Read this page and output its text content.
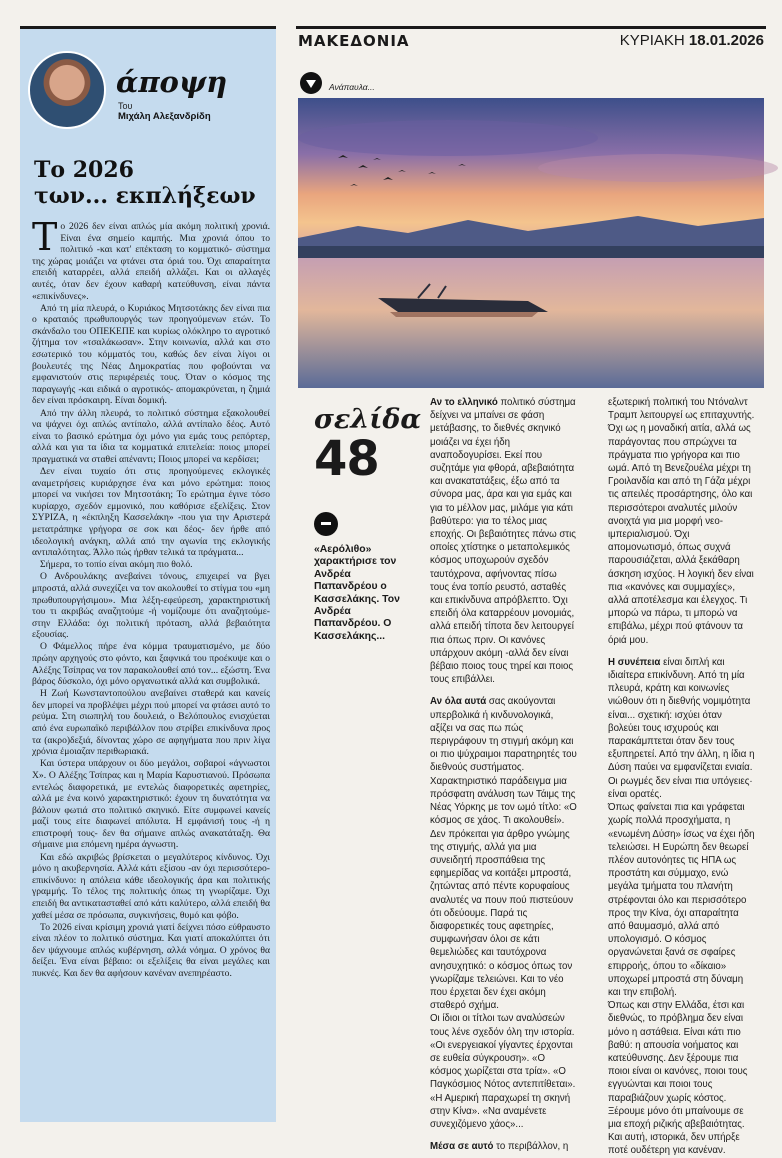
άποψη
Του
Μιχάλη Αλεξανδρίδη
Το 2026
των... εκπλήξεων

Το 2026 δεν είναι απλώς μία ακόμη πολιτική χρονιά. Είναι ένα σημείο καμπής. Μια χρονιά όπου το πολιτικό -και κατ' επέκταση το κομματικό- σύστημα της χώρας μοιάζει να φτάνει στα όριά του. Όχι απαραίτητα επειδή καταρρέει, αλλά επειδή αλλάζει. Και οι αλλαγές αυτές, όταν δεν έχουν καθαρή κατεύθυνση, είναι πάντα «επικίνδυνες».

Από τη μία πλευρά, ο Κυριάκος Μητσοτάκης δεν είναι πια ο κραταιός πρωθυπουργός των προηγούμενων ετών. Το σκάνδαλο του ΟΠΕΚΕΠΕ και κυρίως ολόκληρο το αγροτικό ζήτημα τον «τσαλάκωσαν». Στην κοινωνία, αλλά και στο εσωτερικό του κόμματός του, καθώς δεν είναι λίγοι οι βουλευτές της Νέας Δημοκρατίας που φοβούνται να εμφανιστούν στις περιφέρειές τους. Όταν ο κόσμος της παραγωγής -και ειδικά ο αγροτικός- απομακρύνεται, η ζημιά δεν είναι πρόσκαιρη. Είναι δομική.

Από την άλλη πλευρά, το πολιτικό σύστημα εξακολουθεί να ψάχνει όχι απλώς αντίπαλο, αλλά αντίπαλο δέος. Αυτό είναι το βασικό ερώτημα όχι μόνο για εμάς τους ρεπόρτερ, αλλά και για τα ίδια τα κομματικά επιτελεία: ποιος μπορεί πραγματικά να σταθεί απέναντι; Ποιος μπορεί να κερδίσει;

Δεν είναι τυχαίο ότι στις προηγούμενες εκλογικές αναμετρήσεις κυριάρχησε ένα και μόνο ερώτημα: ποιος μπορεί να νικήσει τον Μητσοτάκη; Το ερώτημα έγινε τόσο κυρίαρχο, σχεδόν εμμονικό, που καθόρισε εξελίξεις. Στον ΣΥΡΙΖΑ, η «έκπληξη Κασσελάκη» -που για την Αριστερά μετατράπηκε γρήγορα σε σοκ και δέος- δεν ήρθε από ιδεολογική ανάγκη, αλλά από την αγωνία της εκλογικής αντιπαλότητας. Άλλο πώς ήρθαν τελικά τα πράγματα...

Σήμερα, το τοπίο είναι ακόμη πιο θολό.

Ο Ανδρουλάκης ανεβαίνει τόνους, επιχειρεί να βγει μπροστά, αλλά συνεχίζει να τον ακολουθεί το στίγμα του «μη πρωθυπουργήσιμου». Μια λέξη-εφεύρεση, χαρακτηριστική του τι ακριβώς αναζητούμε -ή νομίζουμε ότι αναζητούμε- στην Ελλάδα: όχι πολιτική πρόταση, αλλά βεβαιότητα εξουσίας.

Ο Φάμελλος πήρε ένα κόμμα τραυματισμένο, με δύο πρώην αρχηγούς στο φόντο, και ξαφνικά του προέκυψε και ο Αλέξης Τσίπρας να τον παρακολουθεί από τον... εξώστη. Ένα βάρος δύσκολο, όχι μόνο οργανωτικά αλλά και συμβολικά.

Η Ζωή Κωνσταντοπούλου ανεβαίνει σταθερά και κανείς δεν μπορεί να προβλέψει μέχρι πού μπορεί να φτάσει αυτό το ρεύμα. Στη σιωπηλή του δουλειά, ο Βελόπουλος ενισχύεται από ένα ευρωπαϊκό περιβάλλον που στρίβει επικίνδυνα προς τα (ακρο)δεξιά, δίνοντας χώρο σε αφηγήματα που πριν λίγα χρόνια έμοιαζαν περιθωριακά.

Και ύστερα υπάρχουν οι δύο μεγάλοι, σοβαροί «άγνωστοι Χ». Ο Αλέξης Τσίπρας και η Μαρία Καρυστιανού. Πρόσωπα εντελώς διαφορετικά, με εντελώς διαφορετικές αφετηρίες, αλλά με ένα κοινό χαρακτηριστικό: έχουν τη δυνατότητα να βάλουν φωτιά στο πολιτικό σκηνικό. Είτε συμφωνεί κανείς μαζί τους είτε διαφωνεί απόλυτα. Η εμφάνισή τους -ή η επιστροφή τους- δεν θα σήμαινε απλώς ανακατάταξη. Θα σήμαινε μια επόμενη ημέρα άγνωστη.

Και εδώ ακριβώς βρίσκεται ο μεγαλύτερος κίνδυνος. Όχι μόνο η ακυβερνησία. Αλλά κάτι εξίσου -αν όχι περισσότερο- επικίνδυνο: η απόλεια κάθε ιδεολογικής άρα και πολιτικής γραμμής. Το τέλος της πολιτικής όπως τη γνωρίζαμε. Όχι επειδή θα αντικατασταθεί από κάτι καλύτερο, αλλά επειδή θα χαθεί μέσα σε πρόσωπα, συγκινήσεις, θυμό και φόβο.

Το 2026 είναι κρίσιμη χρονιά γιατί δείχνει πόσο εύθραυστο είναι πλέον το πολιτικό σύστημα. Και γιατί αποκαλύπτει ότι δεν ψάχνουμε απλώς κυβέρνηση, αλλά νόημα. Ο χρόνος θα δείξει. Ένα είναι βέβαιο: οι εξελίξεις θα είναι μεγάλες και πυκνές. Και δεν θα αφήσουν κανέναν ανεπηρέαστο.

ΜΑΚΕΔΟΝΙΑ	ΚΥΡΙΑΚΗ 18.01.2026
Ανάπαυλα...
σελίδα
48
«Αερόλιθο» χαρακτήρισε τον Ανδρέα Παπανδρέου ο Κασσελάκης. Τον Ανδρέα Παπανδρέου. Ο Κασσελάκης...

Αν το ελληνικό πολιτικό σύστημα δείχνει να μπαίνει σε φάση μετάβασης, το διεθνές σκηνικό μοιάζει να έχει ήδη αναποδογυρίσει. Εκεί που συζητάμε για φθορά, αβεβαιότητα και ανακατατάξεις, έξω από τα σύνορα μας, άρα και για εμάς και για το μέλλον μας, μιλάμε για κάτι βαθύτερο: για το τέλος μιας εποχής. Οι βεβαιότητες πάνω στις οποίες χτίστηκε ο μεταπολεμικός κόσμος υποχωρούν σχεδόν ταυτόχρονα, αφήνοντας πίσω τους ένα τοπίο ρευστό, ασταθές και επικίνδυνα απρόβλεπτο. Όχι επειδή όλα καταρρέουν μονομιάς, αλλά επειδή τίποτα δεν λειτουργεί πια όπως πριν. Οι κανόνες υπάρχουν ακόμη -αλλά δεν είναι βέβαιο ποιος τους τηρεί και ποιος τους επιβάλλει.

Αν όλα αυτά σας ακούγονται υπερβολικά ή κινδυνολογικά, αξίζει να σας πω πώς περιγράφουν τη στιγμή ακόμη και οι πιο ψύχραιμοι παρατηρητές του διεθνούς συστήματος.

Χαρακτηριστικό παράδειγμα μια πρόσφατη ανάλυση των Τάιμς της Νέας Υόρκης με τον ωμό τίτλο: «Ο κόσμος σε χάος. Τι ακολουθεί». Δεν πρόκειται για άρθρο γνώμης της στιγμής, αλλά για μια συνειδητή προσπάθεια της εφημερίδας να κοιτάξει μπροστά, ζητώντας από πέντε κορυφαίους αναλυτές να πουν πού πιστεύουν ότι οδεύουμε. Παρά τις διαφορετικές τους αφετηρίες, συμφωνήσαν όλοι σε κάτι θεμελιώδες και ταυτόχρονα ανησυχητικό: ο κόσμος όπως τον γνωρίζαμε τελειώνει. Και το νέο που έρχεται δεν έχει ακόμη σταθερό σχήμα.

Οι ίδιοι οι τίτλοι των αναλύσεών τους λένε σχεδόν όλη την ιστορία. «Οι ενεργειακοί γίγαντες έρχονται σε ευθεία σύγκρουση». «Ο κόσμος χωρίζεται στα τρία». «Ο Παγκόσμιος Νότος αντεπιτίθεται». «Η Αμερική παραχωρεί τη σκηνή στην Κίνα». «Να αναμένετε συνεχιζόμενο χάος»...

Μέσα σε αυτό το περιβάλλον, η

εξωτερική πολιτική του Ντόναλντ Τραμπ λειτουργεί ως επιταχυντής. Όχι ως η μοναδική αιτία, αλλά ως παράγοντας που σπρώχνει τα πράγματα πιο γρήγορα και πιο ωμά. Από τη Βενεζουέλα μέχρι τη Γροιλανδία και από τη Γάζα μέχρι τις απειλές προσάρτησης, όλο και περισσότεροι αναλυτές μιλούν ανοιχτά για μια μορφή νεο-ιμπεριαλισμού. Όχι απομονωτισμό, όπως συχνά παρουσιάζεται, αλλά ξεκάθαρη άσκηση ισχύος. Η λογική δεν είναι πια «κανόνες και συμμαχίες», αλλά αποτέλεσμα και έλεγχος. Τι μπορώ να πάρω, τι μπορώ να επιβάλω, μέχρι πού φτάνουν τα όριά μου.

Η συνέπεια είναι διπλή και ιδιαίτερα επικίνδυνη. Από τη μία πλευρά, κράτη και κοινωνίες νιώθουν ότι η διεθνής νομιμότητα είναι... σχετική: ισχύει όταν βολεύει τους ισχυρούς και παρακάμπτεται όταν δεν τους εξυπηρετεί. Από την άλλη, η ίδια η Δύση παύει να εμφανίζεται ενιαία. Οι ρωγμές δεν είναι πια υπόγειες· είναι ορατές.

Όπως φαίνεται πια και γράφεται χωρίς πολλά προσχήματα, η «ενωμένη Δύση» ίσως να έχει ήδη τελειώσει. Η Ευρώπη δεν θεωρεί πλέον αυτονόητες τις ΗΠΑ ως προστάτη και σύμμαχο, ενώ μεγάλα τμήματα του πλανήτη στρέφονται όλο και περισσότερο προς την Κίνα, όχι απαραίτητα από θαυμασμό, αλλά από υπολογισμό. Ο κόσμος οργανώνεται ξανά σε σφαίρες επιρροής, όπου το «δίκαιο» υποχωρεί μπροστά στη δύναμη και την επιβολή.

Όπως και στην Ελλάδα, έτσι και διεθνώς, το πρόβλημα δεν είναι μόνο η αστάθεια. Είναι κάτι πιο βαθύ: η απουσία νοήματος και κατεύθυνσης. Δεν ξέρουμε πια ποιοι είναι οι κανόνες, ποιοι τους εγγυώνται και ποιοι τους παραβιάζουν χωρίς κόστος. Ξέρουμε μόνο ότι μπαίνουμε σε μια εποχή ριζικής αβεβαιότητας. Και αυτή, ιστορικά, δεν υπήρξε ποτέ ουδέτερη για κανέναν.
